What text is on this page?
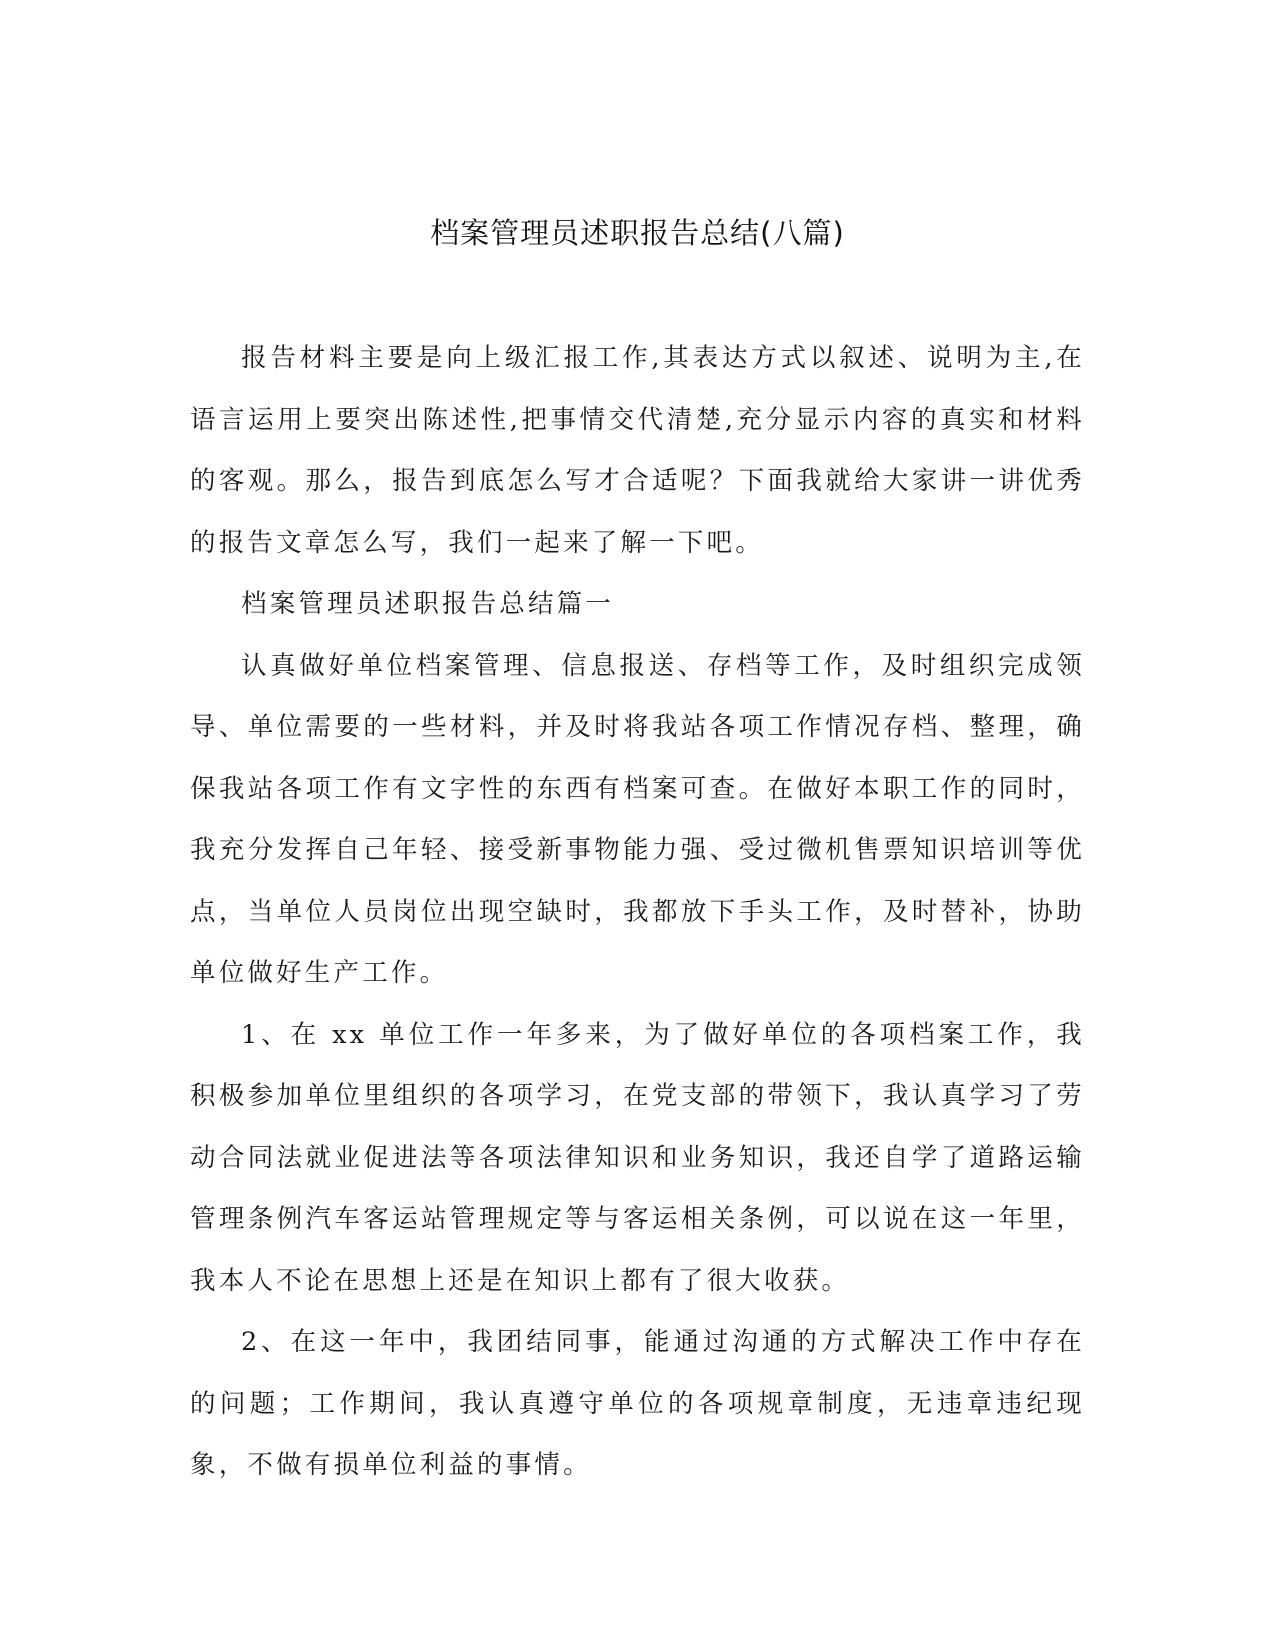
档案管理员述职报告总结(八篇)

报告材料主要是向上级汇报工作,其表达方式以叙述、说明为主,在语言运用上要突出陈述性,把事情交代清楚,充分显示内容的真实和材料的客观。那么，报告到底怎么写才合适呢？下面我就给大家讲一讲优秀的报告文章怎么写，我们一起来了解一下吧。

档案管理员述职报告总结篇一

认真做好单位档案管理、信息报送、存档等工作，及时组织完成领导、单位需要的一些材料，并及时将我站各项工作情况存档、整理，确保我站各项工作有文字性的东西有档案可查。在做好本职工作的同时，我充分发挥自己年轻、接受新事物能力强、受过微机售票知识培训等优点，当单位人员岗位出现空缺时，我都放下手头工作，及时替补，协助单位做好生产工作。

1、在 xx 单位工作一年多来，为了做好单位的各项档案工作，我积极参加单位里组织的各项学习，在党支部的带领下，我认真学习了劳动合同法就业促进法等各项法律知识和业务知识，我还自学了道路运输管理条例汽车客运站管理规定等与客运相关条例，可以说在这一年里，我本人不论在思想上还是在知识上都有了很大收获。

2、在这一年中，我团结同事，能通过沟通的方式解决工作中存在的问题；工作期间，我认真遵守单位的各项规章制度，无违章违纪现象，不做有损单位利益的事情。
